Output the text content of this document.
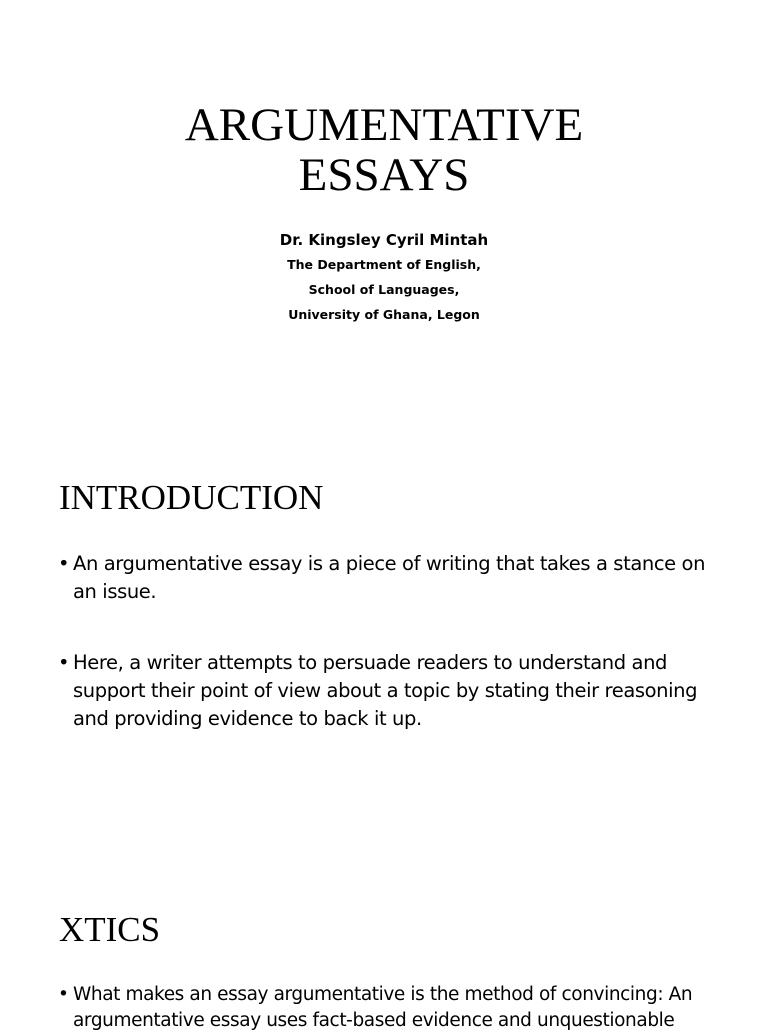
ARGUMENTATIVE
ESSAYS
Dr. Kingsley Cyril Mintah
The Department of English,
School of Languages,
University of Ghana, Legon
INTRODUCTION
• An argumentative essay is a piece of writing that takes a stance on an issue.
• Here, a writer attempts to persuade readers to understand and support their point of view about a topic by stating their reasoning and providing evidence to back it up.
XTICS
• What makes an essay argumentative is the method of convincing: An argumentative essay uses fact-based evidence and unquestionable
